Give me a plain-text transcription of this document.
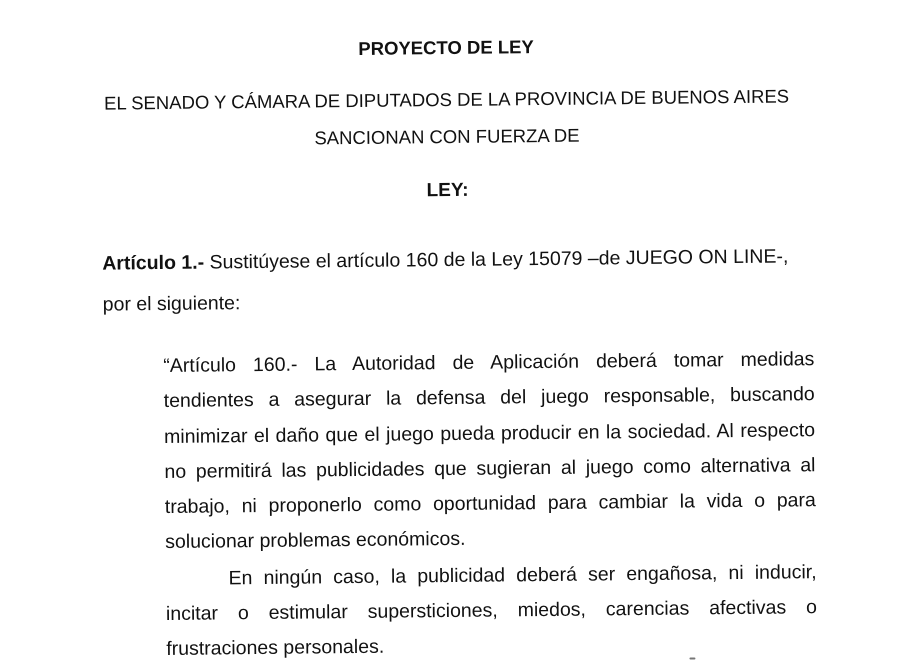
PROYECTO DE LEY
EL SENADO Y CÁMARA DE DIPUTADOS DE LA PROVINCIA DE BUENOS AIRES
SANCIONAN CON FUERZA DE
LEY:
Artículo 1.- Sustitúyese el artículo 160 de la Ley 15079 –de JUEGO ON LINE-,
por el siguiente:
“Artículo 160.- La Autoridad de Aplicación deberá tomar medidas
tendientes a asegurar la defensa del juego responsable, buscando
minimizar el daño que el juego pueda producir en la sociedad. Al respecto
no permitirá las publicidades que sugieran al juego como alternativa al
trabajo, ni proponerlo como oportunidad para cambiar la vida o para
solucionar problemas económicos.
En ningún caso, la publicidad deberá ser engañosa, ni inducir,
incitar o estimular supersticiones, miedos, carencias afectivas o
frustraciones personales.
